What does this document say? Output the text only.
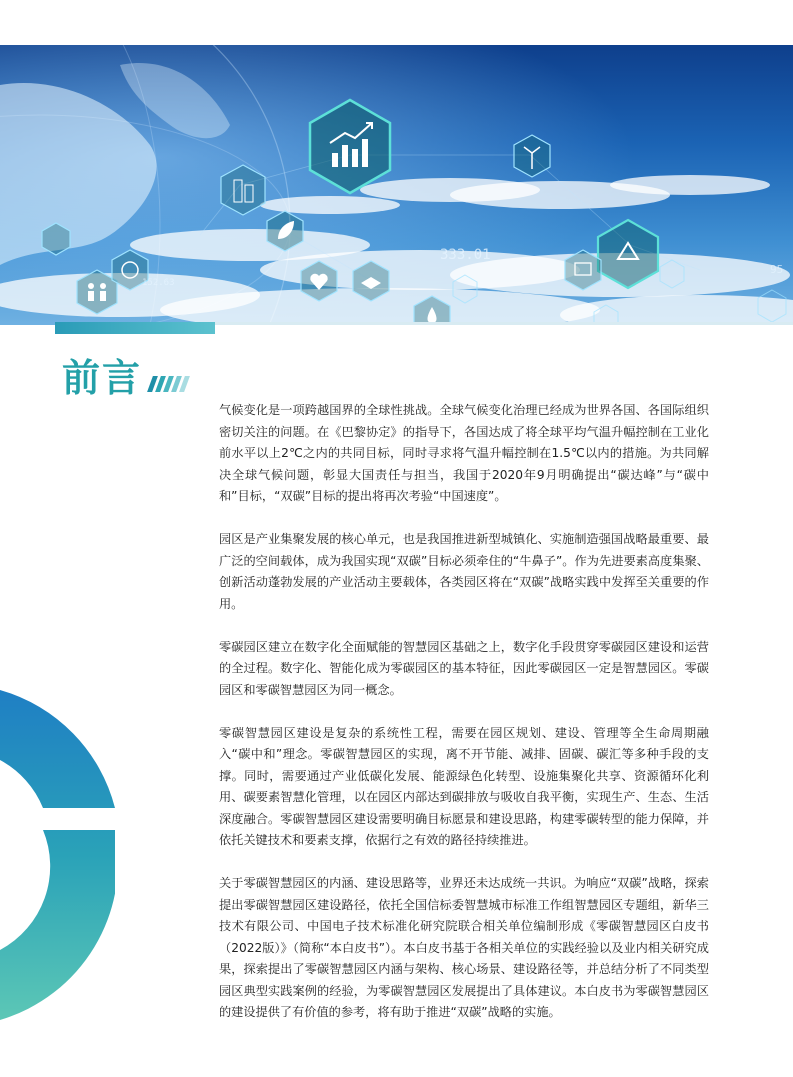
333.01
152.63
95
前言

气候变化是一项跨越国界的全球性挑战。全球气候变化治理已经成为世界各国、各国际组织密切关注的问题。在《巴黎协定》的指导下，各国达成了将全球平均气温升幅控制在工业化前水平以上2℃之内的共同目标，同时寻求将气温升幅控制在1.5℃以内的措施。为共同解决全球气候问题，彰显大国责任与担当，我国于2020年9月明确提出“碳达峰”与“碳中和”目标，“双碳”目标的提出将再次考验“中国速度”。

园区是产业集聚发展的核心单元，也是我国推进新型城镇化、实施制造强国战略最重要、最广泛的空间载体，成为我国实现“双碳”目标必须牵住的“牛鼻子”。作为先进要素高度集聚、创新活动蓬勃发展的产业活动主要载体，各类园区将在“双碳”战略实践中发挥至关重要的作用。

零碳园区建立在数字化全面赋能的智慧园区基础之上，数字化手段贯穿零碳园区建设和运营的全过程。数字化、智能化成为零碳园区的基本特征，因此零碳园区一定是智慧园区。零碳园区和零碳智慧园区为同一概念。

零碳智慧园区建设是复杂的系统性工程，需要在园区规划、建设、管理等全生命周期融入“碳中和”理念。零碳智慧园区的实现，离不开节能、减排、固碳、碳汇等多种手段的支撑。同时，需要通过产业低碳化发展、能源绿色化转型、设施集聚化共享、资源循环化利用、碳要素智慧化管理，以在园区内部达到碳排放与吸收自我平衡，实现生产、生态、生活深度融合。零碳智慧园区建设需要明确目标愿景和建设思路，构建零碳转型的能力保障，并依托关键技术和要素支撑，依据行之有效的路径持续推进。

关于零碳智慧园区的内涵、建设思路等，业界还未达成统一共识。为响应“双碳”战略，探索提出零碳智慧园区建设路径，依托全国信标委智慧城市标准工作组智慧园区专题组，新华三技术有限公司、中国电子技术标准化研究院联合相关单位编制形成《零碳智慧园区白皮书（2022版）》（简称“本白皮书”）。本白皮书基于各相关单位的实践经验以及业内相关研究成果，探索提出了零碳智慧园区内涵与架构、核心场景、建设路径等，并总结分析了不同类型园区典型实践案例的经验，为零碳智慧园区发展提出了具体建议。本白皮书为零碳智慧园区的建设提供了有价值的参考，将有助于推进“双碳”战略的实施。
